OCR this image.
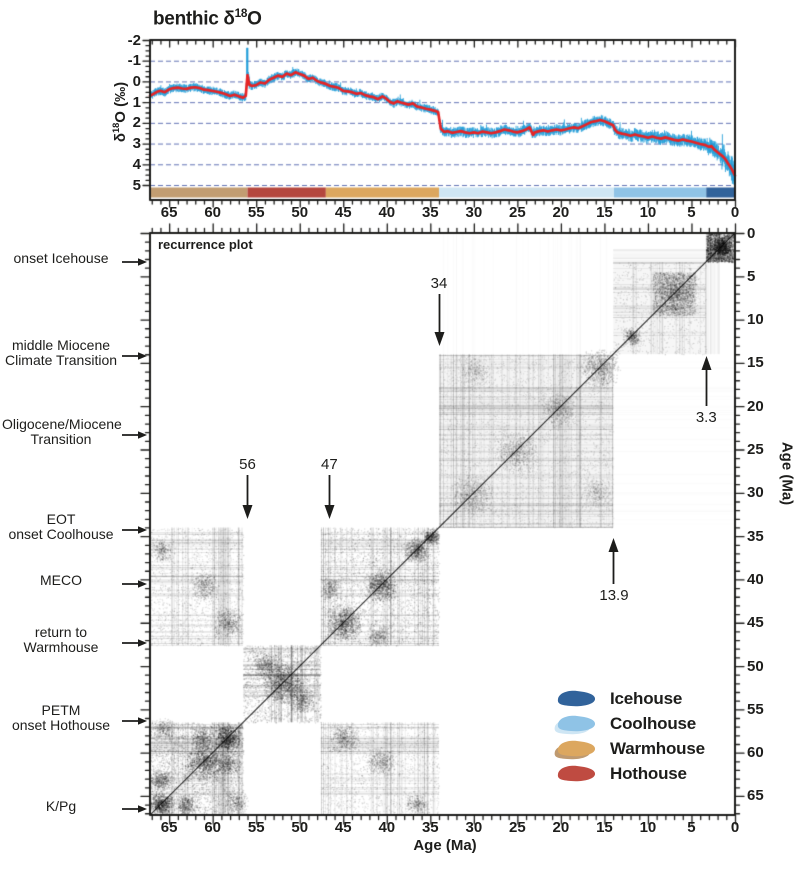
benthic $\delta^{18}O$
$\delta^{18}O$ (‰)
recurrence plot
-2
-1
0
1
2
3
4
5
65	60	55	50	45	40	35	30	25	20	15	10	5	0
65	60	55	50	45	40	35	30	25	20	15	10	5	0
0
5
10
15
20
25
30
35
40
45
50
55
60
65
Age (Ma)
Age (Ma)
onset Icehouse
middle Miocene
Climate Transition
Oligocene/Miocene
Transition
EOT
onset Coolhouse
MECO
return to
Warmhouse
PETM
onset Hothouse
K/Pg
34
56	47
13.9
3.3
Icehouse
Coolhouse
Warmhouse
Hothouse
